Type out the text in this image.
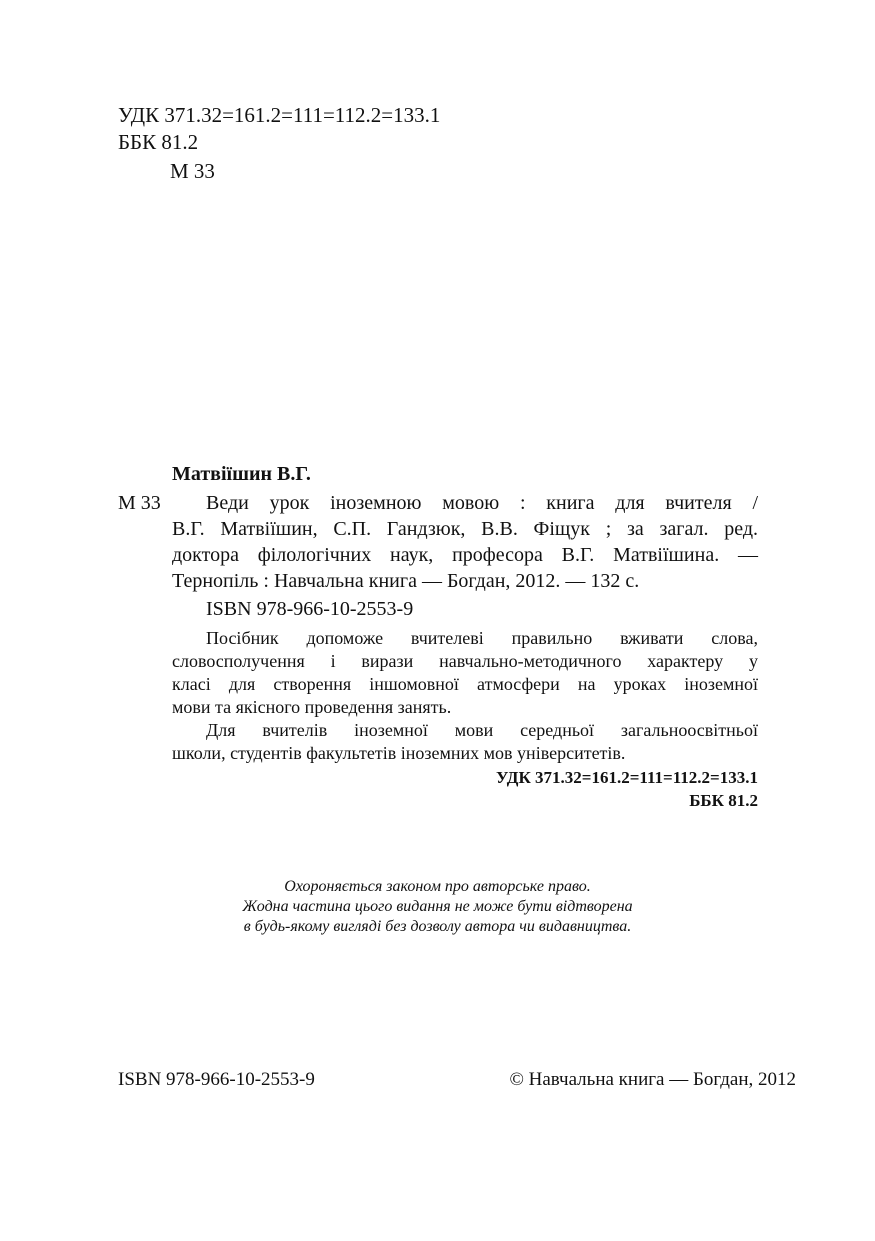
УДК 371.32=161.2=111=112.2=133.1
ББК 81.2
М 33
Матвіїшин В.Г.
М 33 Веди урок іноземною мовою : книга для вчителя /
В.Г. Матвіїшин, С.П. Гандзюк, В.В. Фіщук ; за загал. ред.
доктора філологічних наук, професора В.Г. Матвіїшина. —
Тернопіль : Навчальна книга — Богдан, 2012. — 132 с.
ISBN 978-966-10-2553-9
Посібник допоможе вчителеві правильно вживати слова,
словосполучення і вирази навчально-методичного характеру у
класі для створення іншомовної атмосфери на уроках іноземної
мови та якісного проведення занять.
Для вчителів іноземної мови середньої загальноосвітньої
школи, студентів факультетів іноземних мов університетів.
УДК 371.32=161.2=111=112.2=133.1
ББК 81.2
Охороняється законом про авторське право.
Жодна частина цього видання не може бути відтворена
в будь-якому вигляді без дозволу автора чи видавництва.
ISBN 978-966-10-2553-9	© Навчальна книга — Богдан, 2012
